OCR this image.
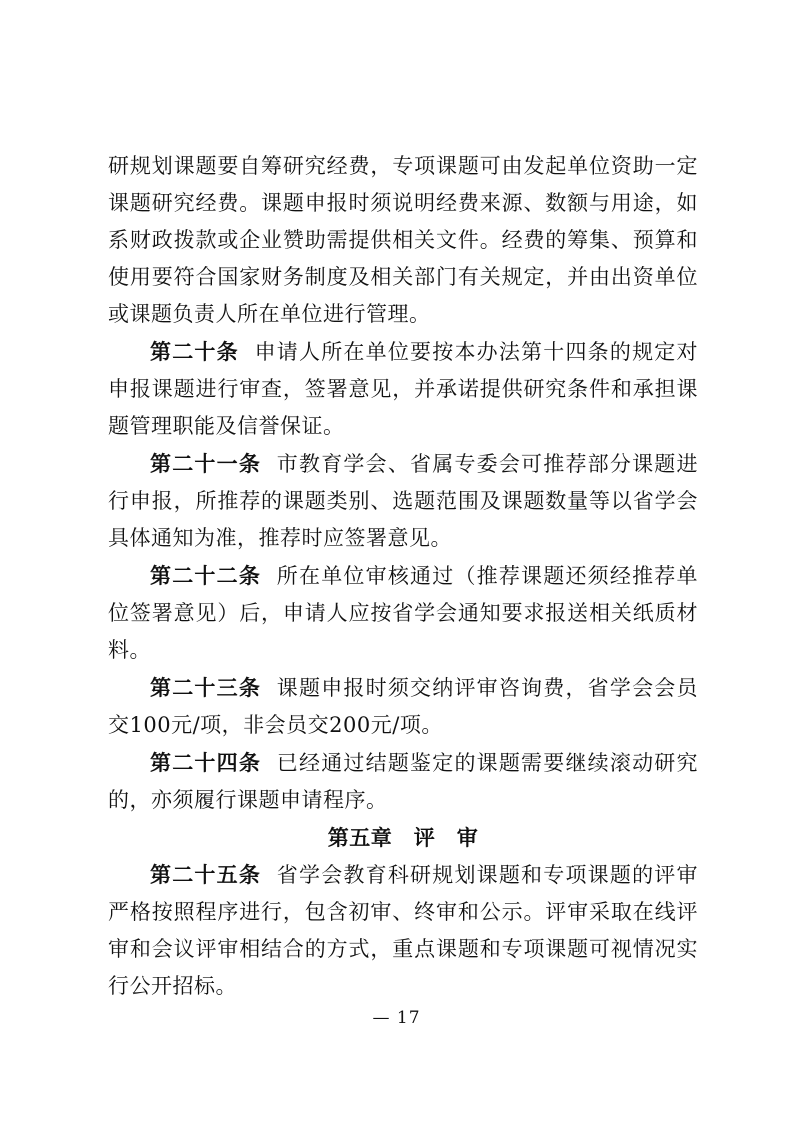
研规划课题要自筹研究经费，专项课题可由发起单位资助一定课题研究经费。课题申报时须说明经费来源、数额与用途，如系财政拨款或企业赞助需提供相关文件。经费的筹集、预算和使用要符合国家财务制度及相关部门有关规定，并由出资单位或课题负责人所在单位进行管理。

第二十条 申请人所在单位要按本办法第十四条的规定对申报课题进行审查，签署意见，并承诺提供研究条件和承担课题管理职能及信誉保证。

第二十一条 市教育学会、省属专委会可推荐部分课题进行申报，所推荐的课题类别、选题范围及课题数量等以省学会具体通知为准，推荐时应签署意见。

第二十二条 所在单位审核通过（推荐课题还须经推荐单位签署意见）后，申请人应按省学会通知要求报送相关纸质材料。

第二十三条 课题申报时须交纳评审咨询费，省学会会员交100元/项，非会员交200元/项。

第二十四条 已经通过结题鉴定的课题需要继续滚动研究的，亦须履行课题申请程序。

第五章　评　审

第二十五条 省学会教育科研规划课题和专项课题的评审严格按照程序进行，包含初审、终审和公示。评审采取在线评审和会议评审相结合的方式，重点课题和专项课题可视情况实行公开招标。

— 17
